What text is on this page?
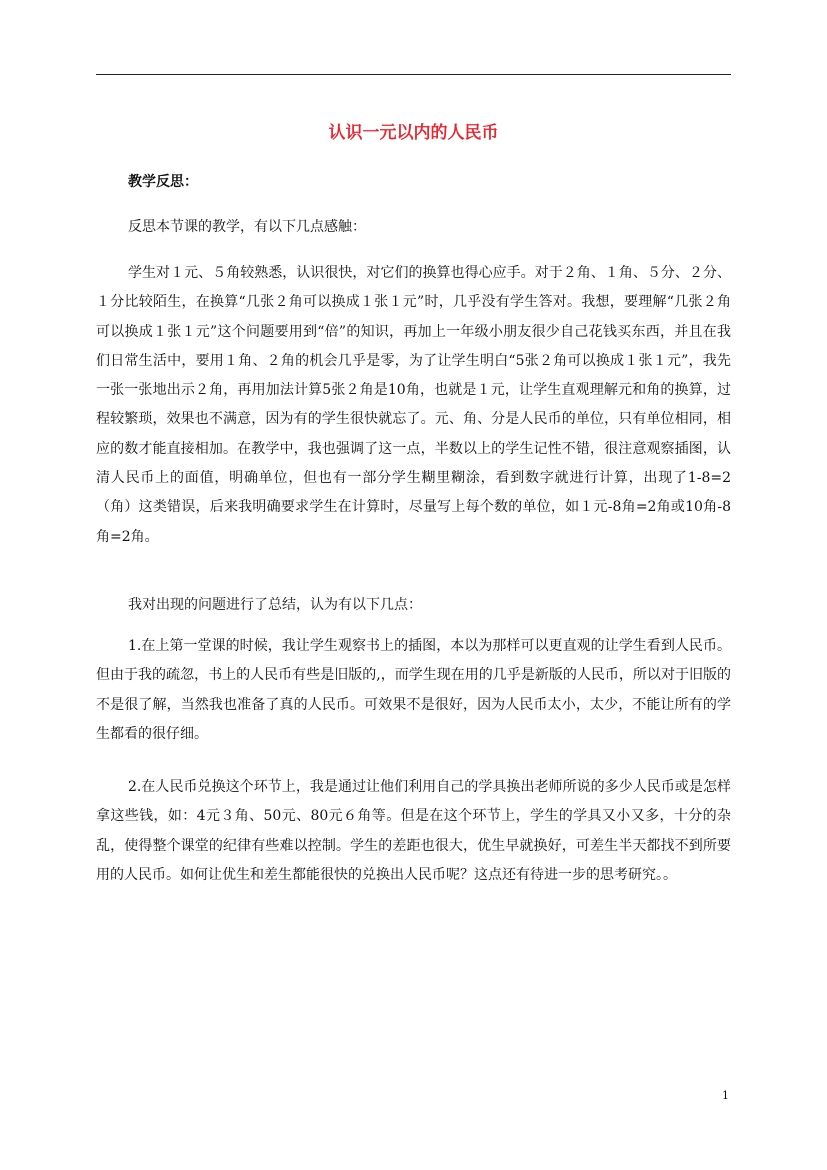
认识一元以内的人民币
教学反思：

反思本节课的教学，有以下几点感触：

学生对１元、５角较熟悉，认识很快，对它们的换算也得心应手。对于２角、１角、５分、２分、１分比较陌生，在换算“几张２角可以换成１张１元”时，几乎没有学生答对。我想，要理解“几张２角可以换成１张１元”这个问题要用到“倍”的知识，再加上一年级小朋友很少自己花钱买东西，并且在我们日常生活中，要用１角、２角的机会几乎是零，为了让学生明白“5张２角可以换成１张１元”，我先一张一张地出示２角，再用加法计算5张２角是10角，也就是１元，让学生直观理解元和角的换算，过程较繁琐，效果也不满意，因为有的学生很快就忘了。元、角、分是人民币的单位，只有单位相同，相应的数才能直接相加。在教学中，我也强调了这一点，半数以上的学生记性不错，很注意观察插图，认清人民币上的面值，明确单位，但也有一部分学生糊里糊涂，看到数字就进行计算，出现了1-8=2（角）这类错误，后来我明确要求学生在计算时，尽量写上每个数的单位，如１元-8角=2角或10角-8角=2角。

我对出现的问题进行了总结，认为有以下几点：

1.在上第一堂课的时候，我让学生观察书上的插图，本以为那样可以更直观的让学生看到人民币。但由于我的疏忽，书上的人民币有些是旧版的,，而学生现在用的几乎是新版的人民币，所以对于旧版的不是很了解，当然我也准备了真的人民币。可效果不是很好，因为人民币太小，太少，不能让所有的学生都看的很仔细。

2.在人民币兑换这个环节上，我是通过让他们利用自己的学具换出老师所说的多少人民币或是怎样拿这些钱，如：4元３角、50元、80元６角等。但是在这个环节上，学生的学具又小又多，十分的杂乱，使得整个课堂的纪律有些难以控制。学生的差距也很大，优生早就换好，可差生半天都找不到所要用的人民币。如何让优生和差生都能很快的兑换出人民币呢？这点还有待进一步的思考研究。。

1
